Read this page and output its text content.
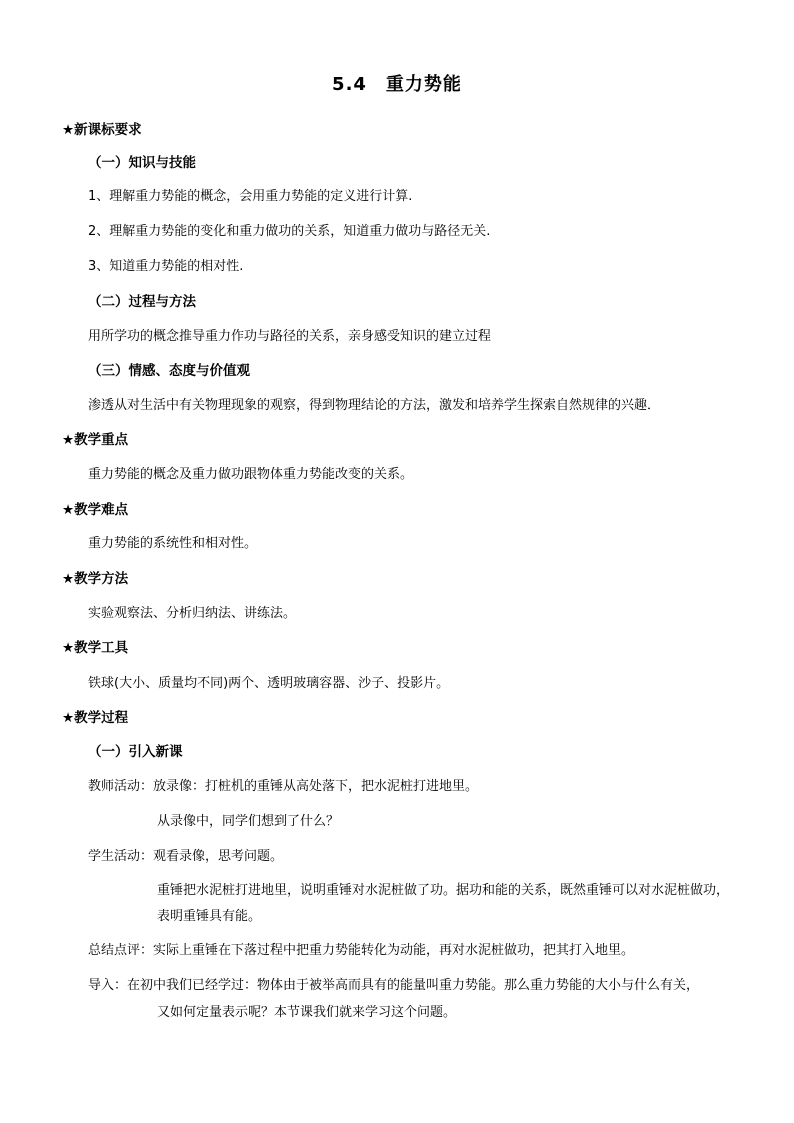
5.4　重力势能
★新课标要求
（一）知识与技能
1、理解重力势能的概念，会用重力势能的定义进行计算.
2、理解重力势能的变化和重力做功的关系，知道重力做功与路径无关.
3、知道重力势能的相对性.
（二）过程与方法
用所学功的概念推导重力作功与路径的关系，亲身感受知识的建立过程
（三）情感、态度与价值观
渗透从对生活中有关物理现象的观察，得到物理结论的方法，激发和培养学生探索自然规律的兴趣．
★教学重点
重力势能的概念及重力做功跟物体重力势能改变的关系。
★教学难点
重力势能的系统性和相对性。
★教学方法
实验观察法、分析归纳法、讲练法。
★教学工具
铁球(大小、质量均不同)两个、透明玻璃容器、沙子、投影片。
★教学过程
（一）引入新课
教师活动：放录像：打桩机的重锤从高处落下，把水泥桩打进地里。
从录像中，同学们想到了什么？
学生活动：观看录像，思考问题。
重锤把水泥桩打进地里，说明重锤对水泥桩做了功。据功和能的关系，既然重锤可以对水泥桩做功，表明重锤具有能。
总结点评：实际上重锤在下落过程中把重力势能转化为动能，再对水泥桩做功，把其打入地里。
导入：在初中我们已经学过：物体由于被举高而具有的能量叫重力势能。那么重力势能的大小与什么有关，
又如何定量表示呢？本节课我们就来学习这个问题。
